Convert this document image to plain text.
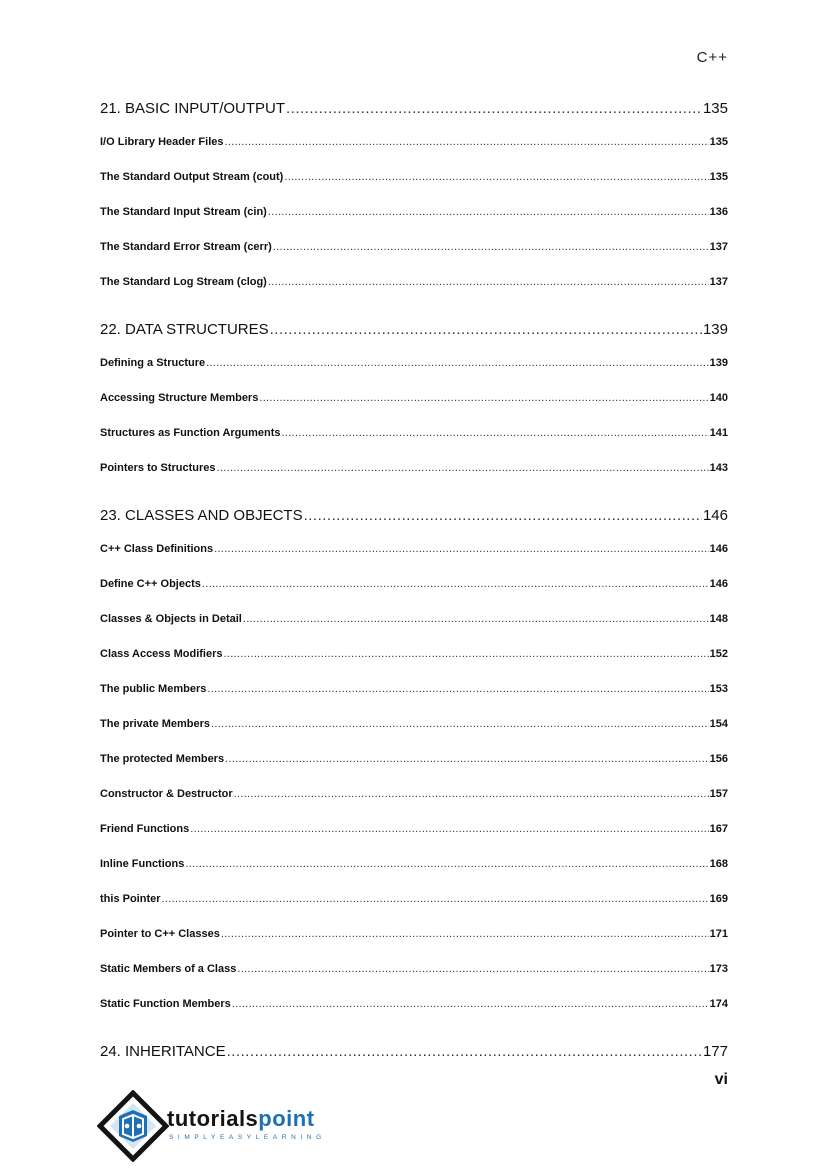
C++
21. BASIC INPUT/OUTPUT .....	135
I/O Library Header Files .....	135
The Standard Output Stream (cout) .....	135
The Standard Input Stream (cin) .....	136
The Standard Error Stream (cerr) .....	137
The Standard Log Stream (clog) .....	137
22. DATA STRUCTURES .....	139
Defining a Structure .....	139
Accessing Structure Members .....	140
Structures as Function Arguments .....	141
Pointers to Structures .....	143
23. CLASSES AND OBJECTS .....	146
C++ Class Definitions .....	146
Define C++ Objects .....	146
Classes & Objects in Detail .....	148
Class Access Modifiers .....	152
The public Members .....	153
The private Members .....	154
The protected Members .....	156
Constructor & Destructor .....	157
Friend Functions .....	167
Inline Functions .....	168
this Pointer .....	169
Pointer to C++ Classes .....	171
Static Members of a Class .....	173
Static Function Members .....	174
24. INHERITANCE .....	177
vi
tutorialspoint
SIMPLYEASYLEARNING
